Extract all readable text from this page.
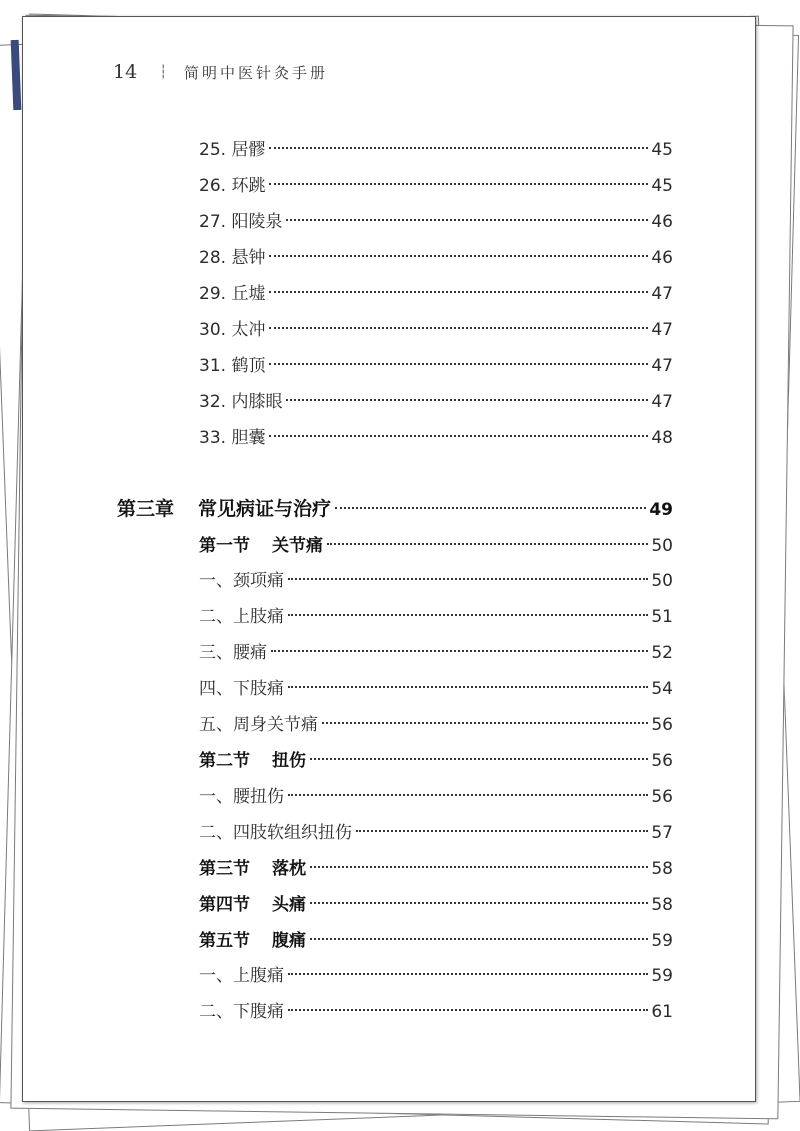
14 ┆ 简明中医针灸手册
25. 居髎	45
26. 环跳	45
27. 阳陵泉	46
28. 悬钟	46
29. 丘墟	47
30. 太冲	47
31. 鹤顶	47
32. 内膝眼	47
33. 胆囊	48
第三章 常见病证与治疗	49
第一节 关节痛	50
一、颈项痛	50
二、上肢痛	51
三、腰痛	52
四、下肢痛	54
五、周身关节痛	56
第二节 扭伤	56
一、腰扭伤	56
二、四肢软组织扭伤	57
第三节 落枕	58
第四节 头痛	58
第五节 腹痛	59
一、上腹痛	59
二、下腹痛	61
